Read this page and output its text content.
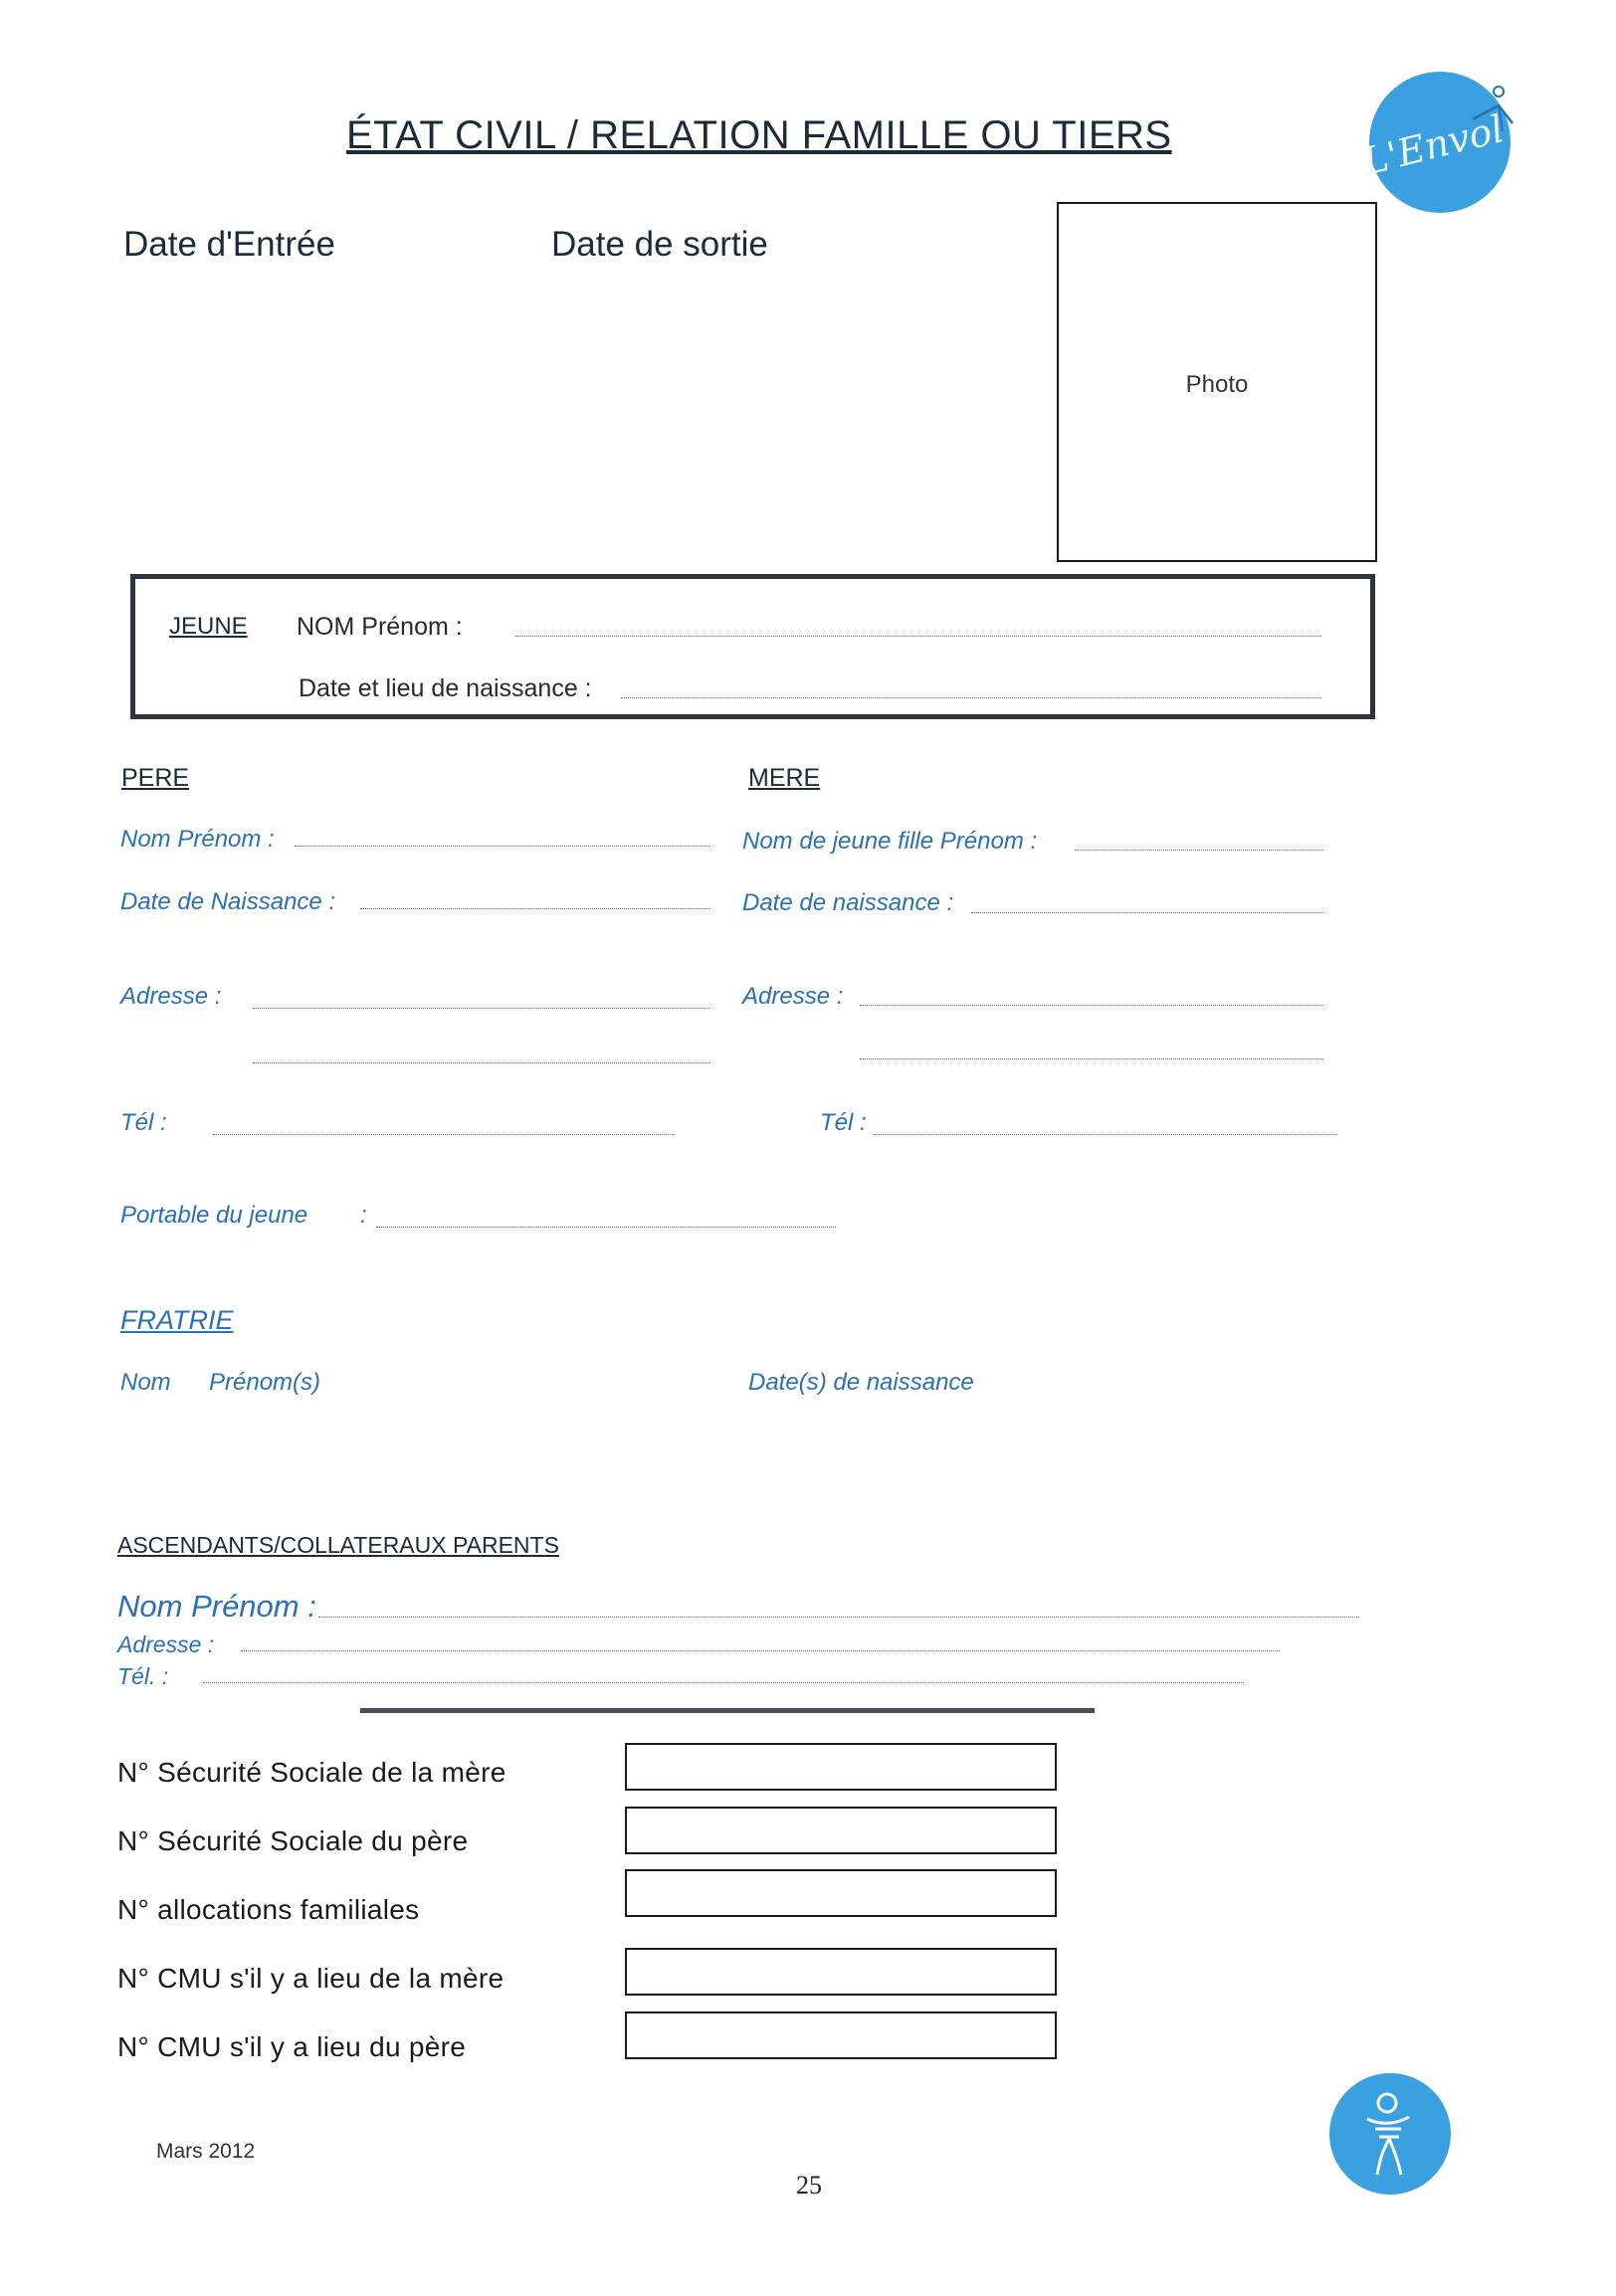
ÉTAT CIVIL / RELATION FAMILLE OU TIERS	L'Envol
Date d'Entrée	Date de sortie
Photo
JEUNE NOM Prénom :
Date et lieu de naissance :
PERE	MERE
Nom Prénom :
Date de Naissance :
Adresse :
Tél :
Nom de jeune fille Prénom :
Date de naissance :
Adresse :
Tél :
Portable du jeune :
FRATRIE
Nom Prénom(s)	Date(s) de naissance
ASCENDANTS/COLLATERAUX PARENTS
Nom Prénom :
Adresse :
Tél. :
N° Sécurité Sociale de la mère
N° Sécurité Sociale du père
N° allocations familiales
N° CMU s'il y a lieu de la mère
N° CMU s'il y a lieu du père
Mars 2012
25
